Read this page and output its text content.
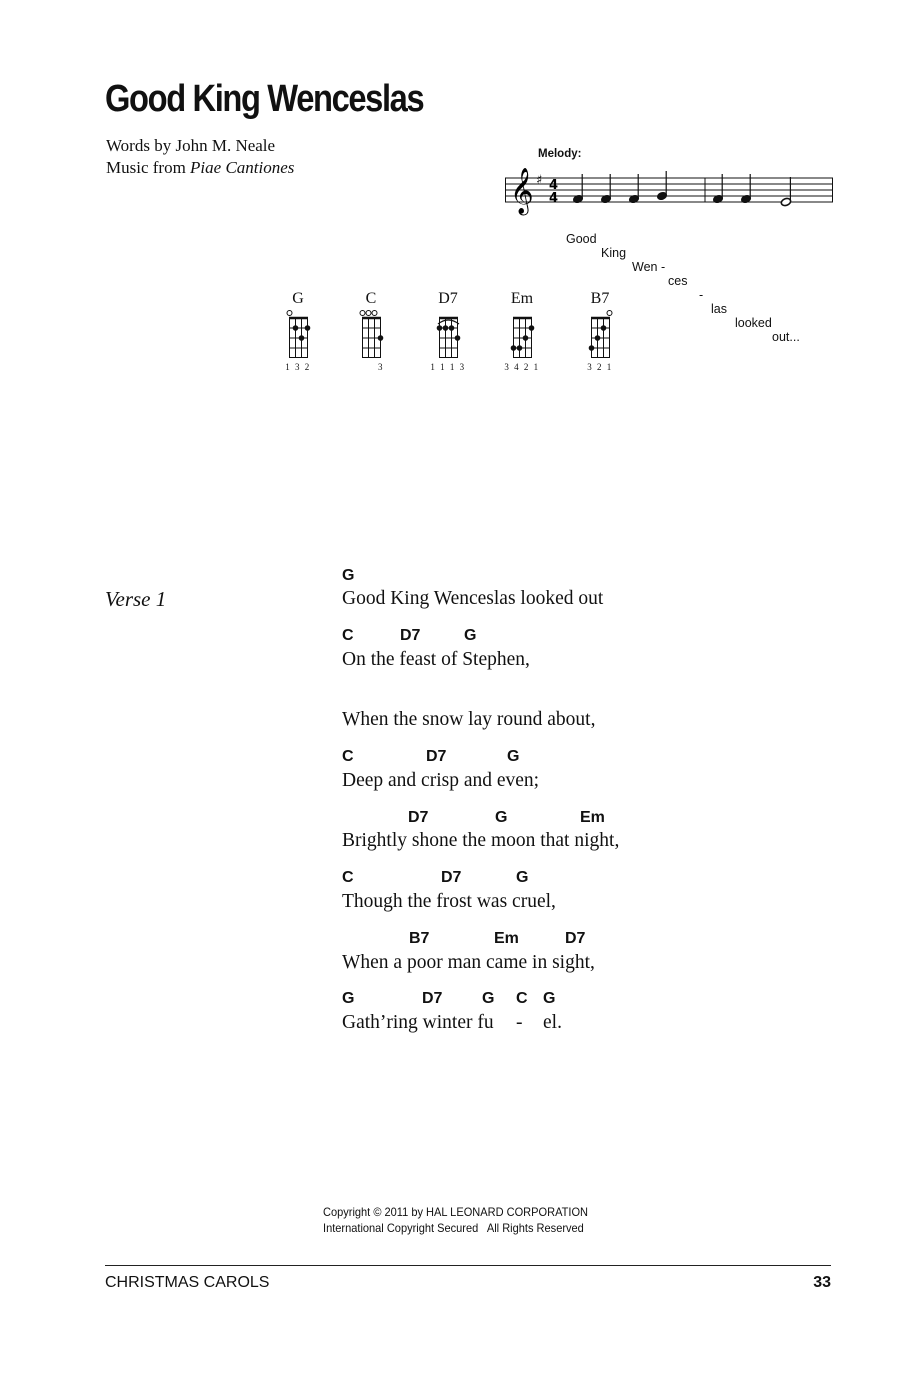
Good King Wenceslas
Words by John M. Neale
Music from Piae Cantiones
Melody:
𝄞 ♯ 4
4

Good

King

Wen -

ces

-

las

looked

out...

G
1 3 2
C
3
D7
1 1 1 3
Em
3 4 2 1
B7
3 2 1
Verse 1
G
Good King Wenceslas looked out
C	D7	G
On the feast of Stephen,
When the snow lay round about,
C	D7	G
Deep and crisp and even;
D7	G	Em
Brightly shone the moon that night,
C	D7	G
Though the frost was cruel,
B7	Em	D7
When a poor man came in sight,
G	D7 G C G
Gath’ring winter fu - el.
Copyright © 2011 by HAL LEONARD CORPORATION
International Copyright Secured   All Rights Reserved
CHRISTMAS CAROLS	33
